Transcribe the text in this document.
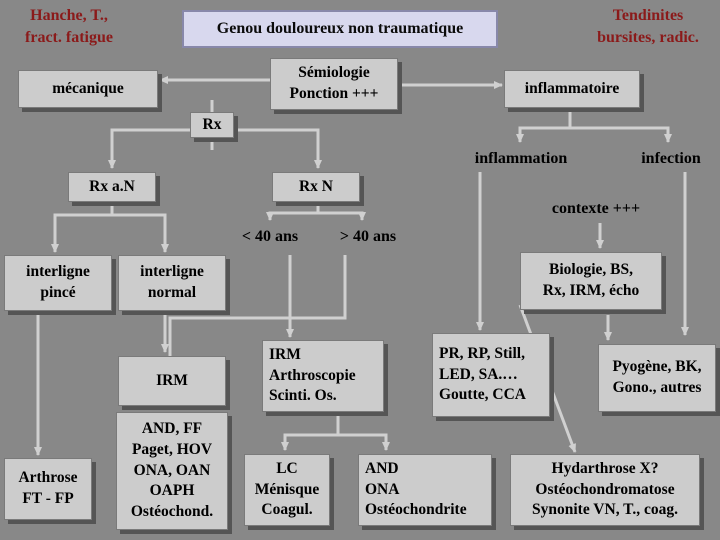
Hanche, T.,
fract. fatigue
Genou douloureux non traumatique
Tendinites
bursites, radic.
mécanique
Sémiologie
Ponction +++	inflammatoire
Rx
inflammation	infection
Rx a.N	Rx N
contexte +++
< 40 ans	> 40 ans
interligne
pincé
interligne
normal
Biologie, BS,
Rx, IRM, écho
IRM
Arthroscopie
Scinti. Os.
IRM
PR, RP, Still,
LED, SA.…
Goutte, CCA
Pyogène, BK,
Gono., autres
Arthrose
FT - FP
AND, FF
Paget, HOV
ONA, OAN
OAPH
Ostéochond.
LC
Ménisque
Coagul.
AND
ONA
Ostéochondrite
Hydarthrose X?
Ostéochondromatose
Synonite VN, T., coag.
